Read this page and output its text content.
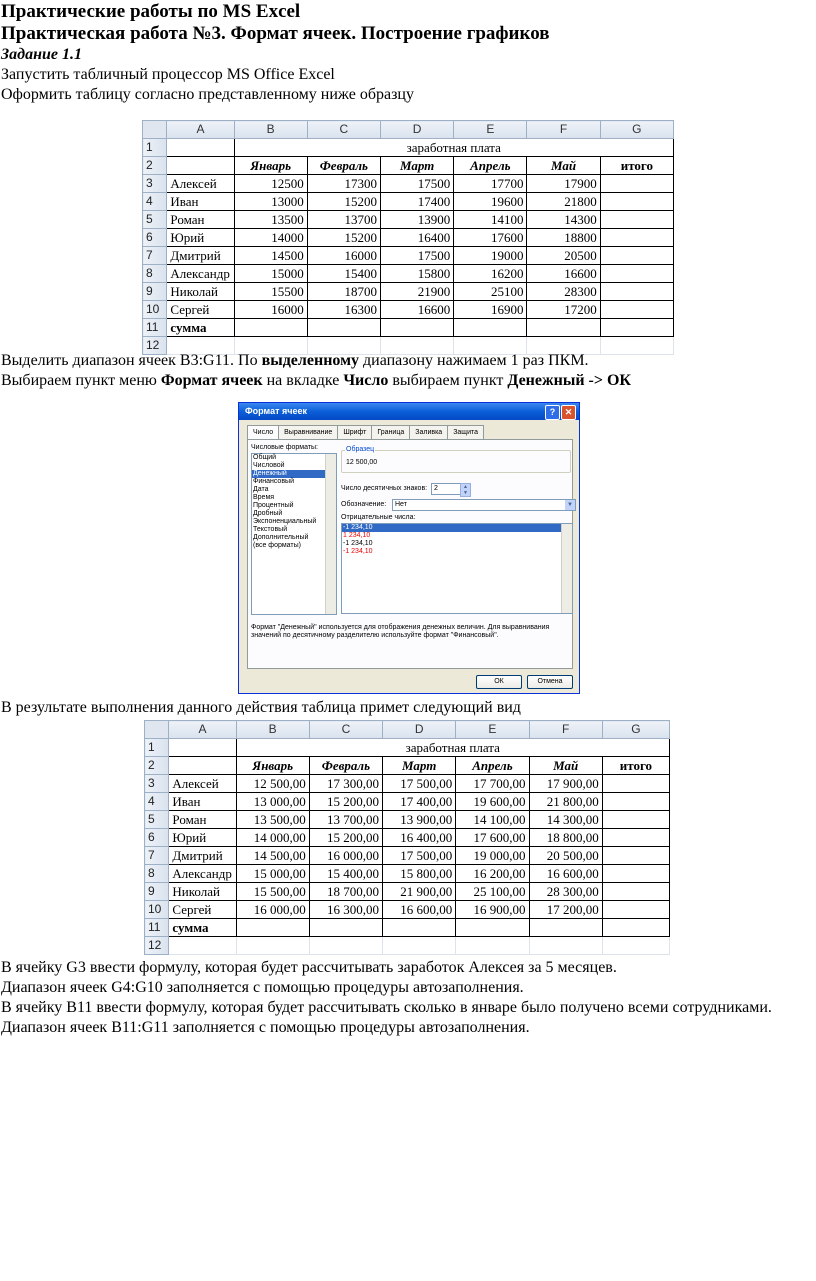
Практические работы по MS Excel
Практическая работа №3. Формат ячеек. Построение графиков
Задание 1.1
Запустить табличный процессор MS Office Excel
Оформить таблицу согласно представленному ниже образцу
	A	B	C	D	E	F	G
1		заработная плата					
2		Январь	Февраль	Март	Апрель	Май	итого
3	Алексей	12500	17300	17500	17700	17900	
4	Иван	13000	15200	17400	19600	21800	
5	Роман	13500	13700	13900	14100	14300	
6	Юрий	14000	15200	16400	17600	18800	
7	Дмитрий	14500	16000	17500	19000	20500	
8	Александр	15000	15400	15800	16200	16600	
9	Николай	15500	18700	21900	25100	28300	
10	Сергей	16000	16300	16600	16900	17200	
11	сумма						
12							
Выделить диапазон ячеек B3:G11. По выделенному диапазону нажимаем 1 раз ПКМ.
Выбираем пункт меню Формат ячеек на вкладке Число выбираем пункт Денежный -> ОК
Формат ячеек	?	✕
Число Выравнивание Шрифт Граница Заливка Защита
Числовые форматы:
Общий
Числовой
Денежный
Финансовый
Дата
Время
Процентный
Дробный
Экспоненциальный
Текстовый
Дополнительный
(все форматы)
Образец
12 500,00
Число десятичных знаков: 2	▲
▼
Обозначение:	Нет	▼
Отрицательные числа:
-1 234,10
1 234,10
-1 234,10
-1 234,10
Формат "Денежный" используется для отображения денежных величин. Для выравнивания значений по десятичному разделителю используйте формат "Финансовый".
ОК	Отмена
В результате выполнения данного действия таблица примет следующий вид
	A	B	C	D	E	F	G
1		заработная плата					
2		Январь	Февраль	Март	Апрель	Май	итого
3	Алексей	12 500,00	17 300,00	17 500,00	17 700,00	17 900,00	
4	Иван	13 000,00	15 200,00	17 400,00	19 600,00	21 800,00	
5	Роман	13 500,00	13 700,00	13 900,00	14 100,00	14 300,00	
6	Юрий	14 000,00	15 200,00	16 400,00	17 600,00	18 800,00	
7	Дмитрий	14 500,00	16 000,00	17 500,00	19 000,00	20 500,00	
8	Александр	15 000,00	15 400,00	15 800,00	16 200,00	16 600,00	
9	Николай	15 500,00	18 700,00	21 900,00	25 100,00	28 300,00	
10	Сергей	16 000,00	16 300,00	16 600,00	16 900,00	17 200,00	
11	сумма						
12							
В ячейку G3 ввести формулу, которая будет рассчитывать заработок Алексея за 5 месяцев.
Диапазон ячеек G4:G10 заполняется с помощью процедуры автозаполнения.
В ячейку B11 ввести формулу, которая будет рассчитывать сколько в январе было получено всеми сотрудниками.
Диапазон ячеек B11:G11 заполняется с помощью процедуры автозаполнения.
